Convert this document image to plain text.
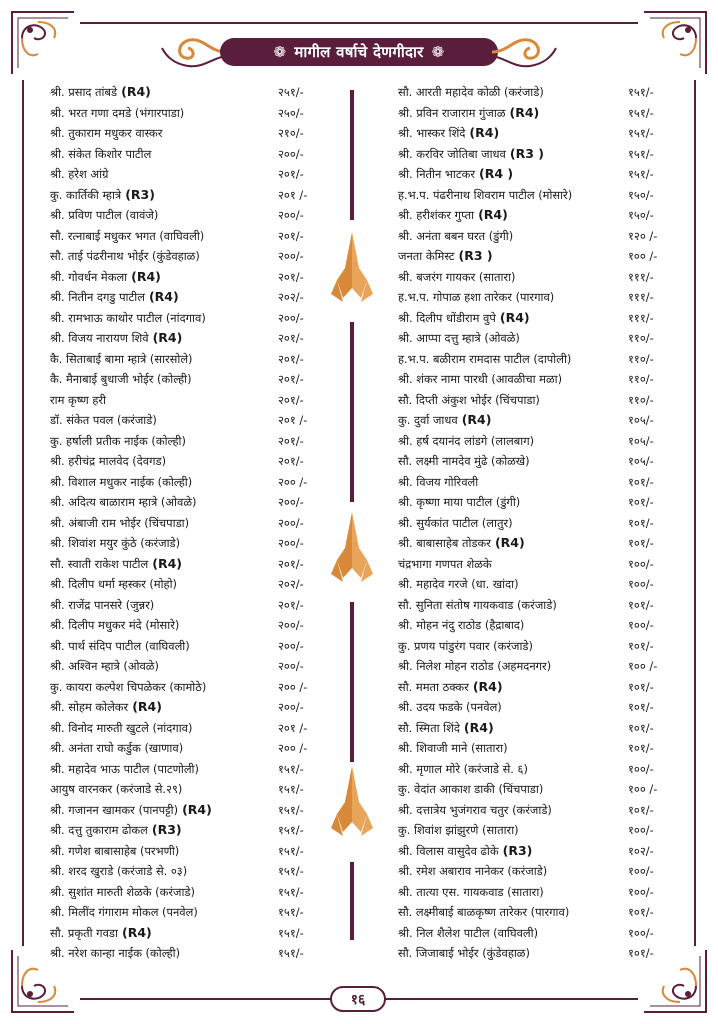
❁ मागील वर्षाचे देणगीदार ❁
श्री. प्रसाद तांबडे (R4)	२५१/-
श्री. भरत गणा दमडे (भंगारपाडा)	२५०/-
श्री. तुकाराम मधुकर वास्कर	२१०/-
श्री. संकेत किशोर पाटील	२००/-
श्री. हरेश आंग्रे	२०१/-
कु. कार्तिकी म्हात्रे (R3)	२०१ /-
श्री. प्रविण पाटील (वावंजे)	२००/-
सौ. रत्नाबाई मधुकर भगत (वाघिवली)	२०१/-
सौ. ताई पंढरीनाथ भोईर (कुंडेवहाळ)	२००/-
श्री. गोवर्धन मेकला (R4)	२०१/-
श्री. नितीन दगडु पाटील (R4)	२०२/-
श्री. रामभाऊ काथोर पाटील (नांदगाव)	२००/-
श्री. विजय नारायण शिवे (R4)	२०१/-
कै. सिताबाई बामा म्हात्रे (सारसोले)	२०१/-
कै. मैनाबाई बुधाजी भोईर (कोल्ही)	२०१/-
राम कृष्ण हरी	२०१/-
डॉ. संकेत पवल (करंजाडे)	२०१ /-
कु. हर्षाली प्रतीक नाईक (कोल्ही)	२०१/-
श्री. हरीचंद्र मालवेद (देवगड)	२०१/-
श्री. विशाल मधुकर नाईक (कोल्ही)	२०० /-
श्री. अदित्य बाळाराम म्हात्रे (ओवळे)	२००/-
श्री. अंबाजी राम भोईर (चिंचपाडा)	२००/-
श्री. शिवांश मयुर कुंठे (करंजाडे)	२००/-
सौ. स्वाती राकेश पाटील (R4)	२०१/-
श्री. दिलीप धर्मा म्हस्कर (मोहो)	२०२/-
श्री. राजेंद्र पानसरे (जुन्नर)	२०१/-
श्री. दिलीप मधुकर मंदे (मोसारे)	२००/-
श्री. पार्थ संदिप पाटील (वाघिवली)	२००/-
श्री. अश्विन म्हात्रे (ओवळे)	२००/-
कु. कायरा कल्पेश चिपळेकर (कामोठे)	२०० /-
श्री. सोहम कोलेकर (R4)	२००/-
श्री. विनोद मारुती खुटले (नांदगाव)	२०१ /-
श्री. अनंता राघो कर्डुक (खाणाव)	२०० /-
श्री. महादेव भाऊ पाटील (पाटणोली)	१५१/-
आयुष वारनकर (करंजाडे से.२९)	१५१/-
श्री. गजानन खामकर (पानपट्टी) (R4)	१५१/-
श्री. दत्तु तुकाराम ढोकल (R3)	१५१/-
श्री. गणेश बाबासाहेब (परभणी)	१५१/-
श्री. शरद खुराडे (करंजाडे से. ०३)	१५१/-
श्री. सुशांत मारुती शेळके (करंजाडे)	१५१/-
श्री. मिलींद गंगाराम मोकल (पनवेल)	१५१/-
सौ. प्रकृती गवडा (R4)	१५१/-
श्री. नरेश कान्हा नाईक (कोल्ही)	१५१/-
सौ. आरती महादेव कोळी (करंजाडे)	१५१/-
श्री. प्रविन राजाराम गुंजाळ (R4)	१५१/-
श्री. भास्कर शिंदे (R4)	१५१/-
श्री. करविर जोतिबा जाधव (R3 )	१५१/-
श्री. नितीन भाटकर (R4 )	१५१/-
ह.भ.प. पंढरीनाथ शिवराम पाटील (मोसारे)	१५०/-
श्री. हरीशंकर गुप्ता (R4)	१५०/-
श्री. अनंता बबन घरत (डुंगी)	१२० /-
जनता केमिस्ट (R3 )	१०० /-
श्री. बजरंग गायकर (सातारा)	१११/-
ह.भ.प. गोपाळ हशा तारेकर (पारगाव)	१११/-
श्री. दिलीप धोंडीराम वुपे (R4)	१११/-
श्री. आप्पा दत्तु म्हात्रे (ओवळे)	११०/-
ह.भ.प. बळीराम रामदास पाटील (दापोली)	११०/-
श्री. शंकर नामा पारधी (आवळीचा मळा)	११०/-
सौ. दिप्ती अंकुश भोईर (चिंचपाडा)	११०/-
कु. दुर्वा जाधव (R4)	१०५/-
श्री. हर्ष दयानंद लांडगे (लालबाग)	१०५/-
सौ. लक्ष्मी नामदेव मुंढे (कोळखे)	१०५/-
श्री. विजय गोरिवली	१०१/-
श्री. कृष्णा माया पाटील (डुंगी)	१०१/-
श्री. सुर्यकांत पाटील (लातुर)	१०१/-
श्री. बाबासाहेब तोडकर (R4)	१०१/-
चंद्रभागा गणपत शेळके	१००/-
श्री. महादेव गरजे (धा. खांदा)	१००/-
सौ. सुनिता संतोष गायकवाड (करंजाडे)	१०१/-
श्री. मोहन नंदु राठोड (हैद्राबाद)	१००/-
कु. प्रणय पांडुरंग पवार (करंजाडे)	१०१/-
श्री. निलेश मोहन राठोड (अहमदनगर)	१०० /-
सौ. ममता ठक्कर (R4)	१०१/-
श्री. उदय फडके (पनवेल)	१०१/-
सौ. स्मिता शिंदे (R4)	१०१/-
श्री. शिवाजी माने (सातारा)	१०१/-
श्री. मृणाल मोरे (करंजाडे से. ६)	१००/-
कु. वेदांत आकाश डाकी (चिंचपाडा)	१०० /-
श्री. दत्तात्रेय भुजंगराव चतुर (करंजाडे)	१०१/-
कु. शिवांश झांझुरणे (सातारा)	१००/-
श्री. विलास वासुदेव ढोके (R3)	१०२/-
श्री. रमेश अबाराव नानेकर (करंजाडे)	१००/-
श्री. तात्या एस. गायकवाड (सातारा)	१००/-
सौ. लक्ष्मीबाई बाळकृष्ण तारेकर (पारगाव)	१०१/-
श्री. निल शैलेश पाटील (वाघिवली)	१००/-
सौ. जिजाबाई भोईर (कुंडेवहाळ)	१०१/-
१६
